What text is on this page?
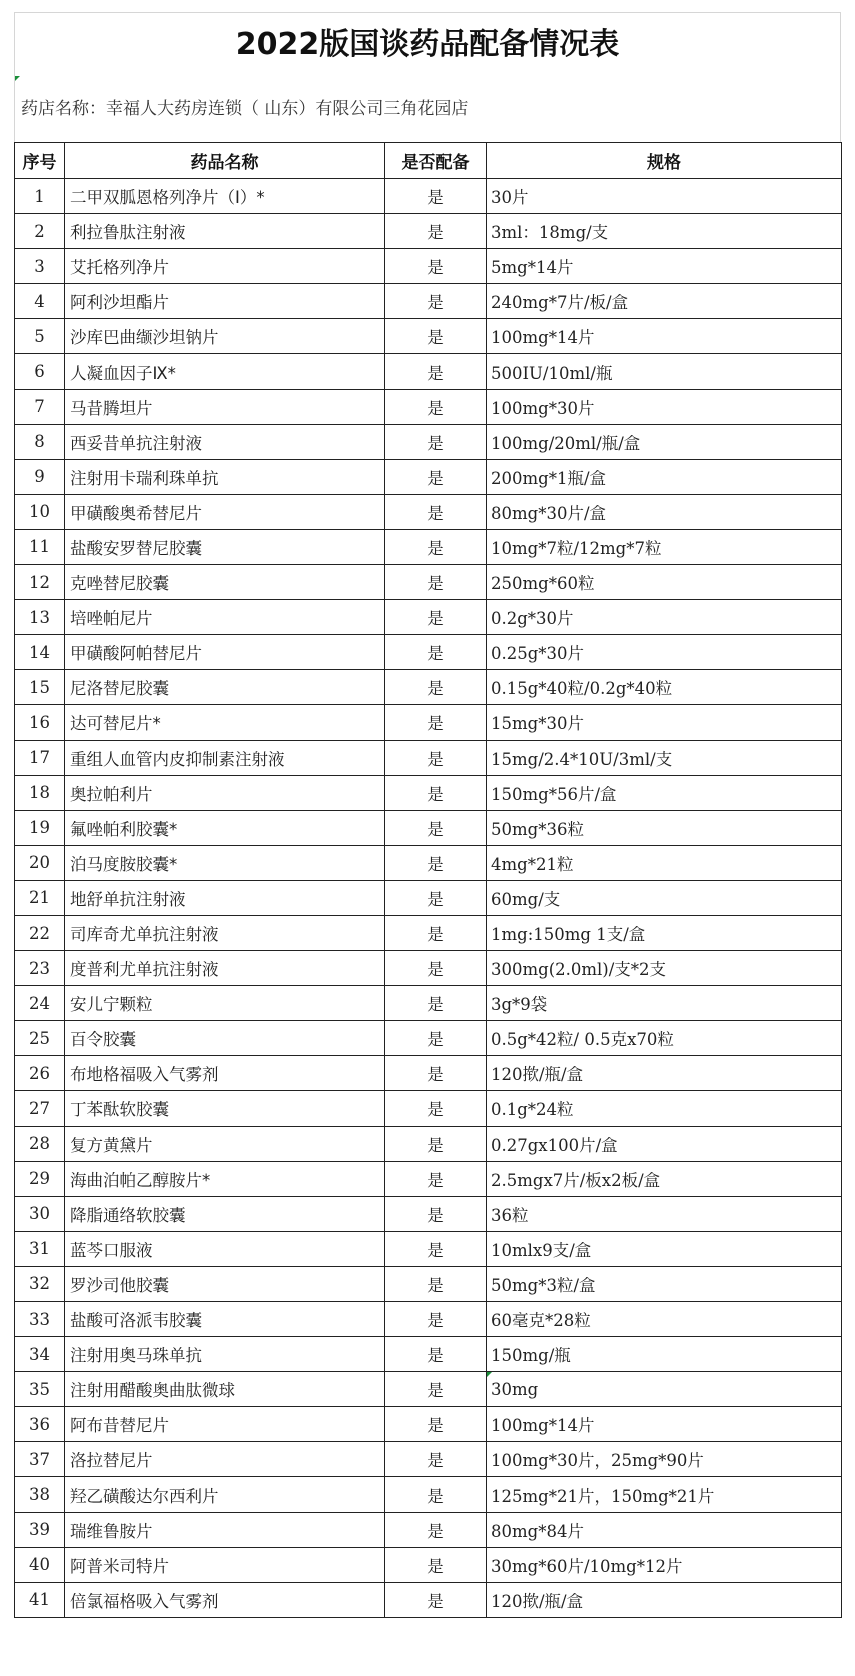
2022版国谈药品配备情况表
药店名称：幸福人大药房连锁（ 山东）有限公司三角花园店
序号	药品名称	是否配备	规格
1	二甲双胍恩格列净片（Ⅰ）*	是	30片
2	利拉鲁肽注射液	是	3ml：18mg/支
3	艾托格列净片	是	5mg*14片
4	阿利沙坦酯片	是	240mg*7片/板/盒
5	沙库巴曲缬沙坦钠片	是	100mg*14片
6	人凝血因子Ⅸ*	是	500IU/10ml/瓶
7	马昔腾坦片	是	100mg*30片
8	西妥昔单抗注射液	是	100mg/20ml/瓶/盒
9	注射用卡瑞利珠单抗	是	200mg*1瓶/盒
10	甲磺酸奥希替尼片	是	80mg*30片/盒
11	盐酸安罗替尼胶囊	是	10mg*7粒/12mg*7粒
12	克唑替尼胶囊	是	250mg*60粒
13	培唑帕尼片	是	0.2g*30片
14	甲磺酸阿帕替尼片	是	0.25g*30片
15	尼洛替尼胶囊	是	0.15g*40粒/0.2g*40粒
16	达可替尼片*	是	15mg*30片
17	重组人血管内皮抑制素注射液	是	15mg/2.4*10U/3ml/支
18	奥拉帕利片	是	150mg*56片/盒
19	氟唑帕利胶囊*	是	50mg*36粒
20	泊马度胺胶囊*	是	4mg*21粒
21	地舒单抗注射液	是	60mg/支
22	司库奇尤单抗注射液	是	1mg:150mg 1支/盒
23	度普利尤单抗注射液	是	300mg(2.0ml)/支*2支
24	安儿宁颗粒	是	3g*9袋
25	百令胶囊	是	0.5g*42粒/ 0.5克x70粒
26	布地格福吸入气雾剂	是	120揿/瓶/盒
27	丁苯酞软胶囊	是	0.1g*24粒
28	复方黄黛片	是	0.27gx100片/盒
29	海曲泊帕乙醇胺片*	是	2.5mgx7片/板x2板/盒
30	降脂通络软胶囊	是	36粒
31	蓝芩口服液	是	10mlx9支/盒
32	罗沙司他胶囊	是	50mg*3粒/盒
33	盐酸可洛派韦胶囊	是	60毫克*28粒
34	注射用奥马珠单抗	是	150mg/瓶
35	注射用醋酸奥曲肽微球	是	30mg
36	阿布昔替尼片	是	100mg*14片
37	洛拉替尼片	是	100mg*30片，25mg*90片
38	羟乙磺酸达尔西利片	是	125mg*21片，150mg*21片
39	瑞维鲁胺片	是	80mg*84片
40	阿普米司特片	是	30mg*60片/10mg*12片
41	倍氯福格吸入气雾剂	是	120揿/瓶/盒
